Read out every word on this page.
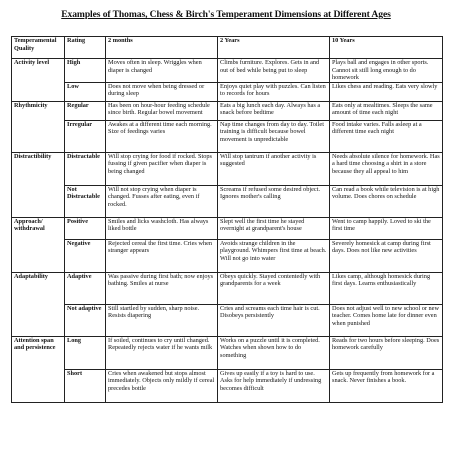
Examples of Thomas, Chess & Birch's Temperament Dimensions at Different Ages
Temperamental Quality	Rating	2 months	2 Years	10 Years
Activity level	High	Moves often in sleep. Wriggles when diaper is changed	Climbs furniture. Explores. Gets in and out of bed while being put to sleep	Plays ball and engages in other sports. Cannot sit still long enough to do homework
	Low	Does not move when being dressed or during sleep	Enjoys quiet play with puzzles. Can listen to records for hours	Likes chess and reading. Eats very slowly
Rhythmicity	Regular	Has been on hour-hour feeding schedule since birth. Regular bowel movement	Eats a big lunch each day. Always has a snack before bedtime	Eats only at mealtimes. Sleeps the same amount of time each night
	Irregular	Awakes at a different time each morning. Size of feedings varies	Nap time changes from day to day. Toilet training is difficult because bowel movement is unpredictable	Food intake varies. Falls asleep at a different time each night
Distractibility	Distractable	Will stop crying for food if rocked. Stops fussing if given pacifier when diaper is being changed	Will stop tantrum if another activity is suggested	Needs absolute silence for homework. Has a hard time choosing a shirt in a store because they all appeal to him
	Not Distractable	Will not stop crying when diaper is changed. Fusses after eating, even if rocked.	Screams if refused some desired object. Ignores mother's calling	Can read a book while television is at high volume. Does chores on schedule
Approach/ withdrawal	Positive	Smiles and licks washcloth. Has always liked bottle	Slept well the first time he stayed overnight at grandparent's house	Went to camp happily. Loved to ski the first time
	Negative	Rejected cereal the first time. Cries when stranger appears	Avoids strange children in the playground. Whimpers first time at beach. Will not go into water	Severely homesick at camp during first days. Does not like new activities
Adaptability	Adaptive	Was passive during first bath; now enjoys bathing. Smiles at nurse	Obeys quickly. Stayed contentedly with grandparents for a week	Likes camp, although homesick during first days. Learns enthusiastically
	Not adaptive	Still startled by sudden, sharp noise. Resists diapering	Cries and screams each time hair is cut. Disobeys persistently	Does not adjust well to new school or new teacher. Comes home late for dinner even when punished
Attention span and persistence	Long	If soiled, continues to cry until changed. Repeatedly rejects water if he wants milk	Works on a puzzle until it is completed. Watches when shown how to do something	Reads for two hours before sleeping. Does homework carefully
	Short	Cries when awakened but stops almost immediately. Objects only mildly if cereal precedes bottle	Gives up easily if a toy is hard to use. Asks for help immediately if undressing becomes difficult	Gets up frequently from homework for a snack. Never finishes a book.
